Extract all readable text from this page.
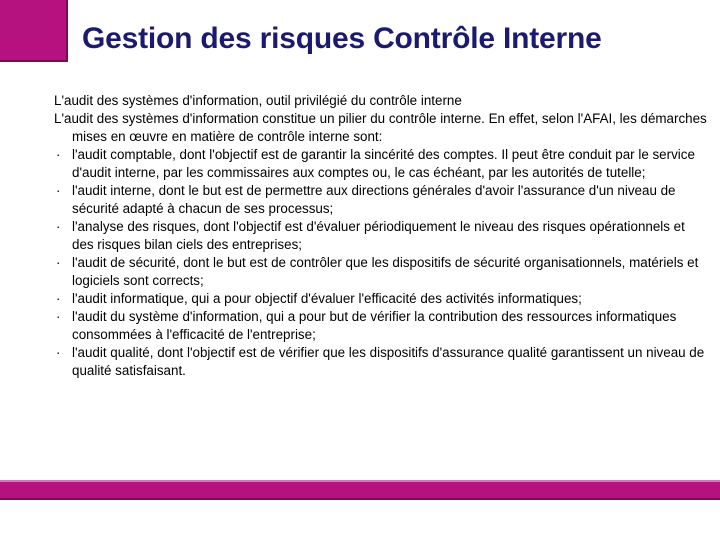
Gestion des risques Contrôle Interne

L'audit des systèmes d'information, outil privilégié du contrôle interne

L'audit des systèmes d'information constitue un pilier du contrôle interne. En effet, selon l'AFAI, les démarches mises en œuvre en matière de contrôle interne sont:

· l'audit comptable, dont l'objectif est de garantir la sincérité des comptes. Il peut être conduit par le service d'audit interne, par les commissaires aux comptes ou, le cas échéant, par les autorités de tutelle;
· l'audit interne, dont le but est de permettre aux directions générales d'avoir l'assurance d'un niveau de sécurité adapté à chacun de ses processus;
· l'analyse des risques, dont l'objectif est d'évaluer périodiquement le niveau des risques opérationnels et des risques bilan ciels des entreprises;
· l'audit de sécurité, dont le but est de contrôler que les dispositifs de sécurité organisationnels, matériels et logiciels sont corrects;
· l'audit informatique, qui a pour objectif d'évaluer l'efficacité des activités informatiques;
· l'audit du système d'information, qui a pour but de vérifier la contribution des ressources informatiques consommées à l'efficacité de l'entreprise;
· l'audit qualité, dont l'objectif est de vérifier que les dispositifs d'assurance qualité garantissent un niveau de qualité satisfaisant.
